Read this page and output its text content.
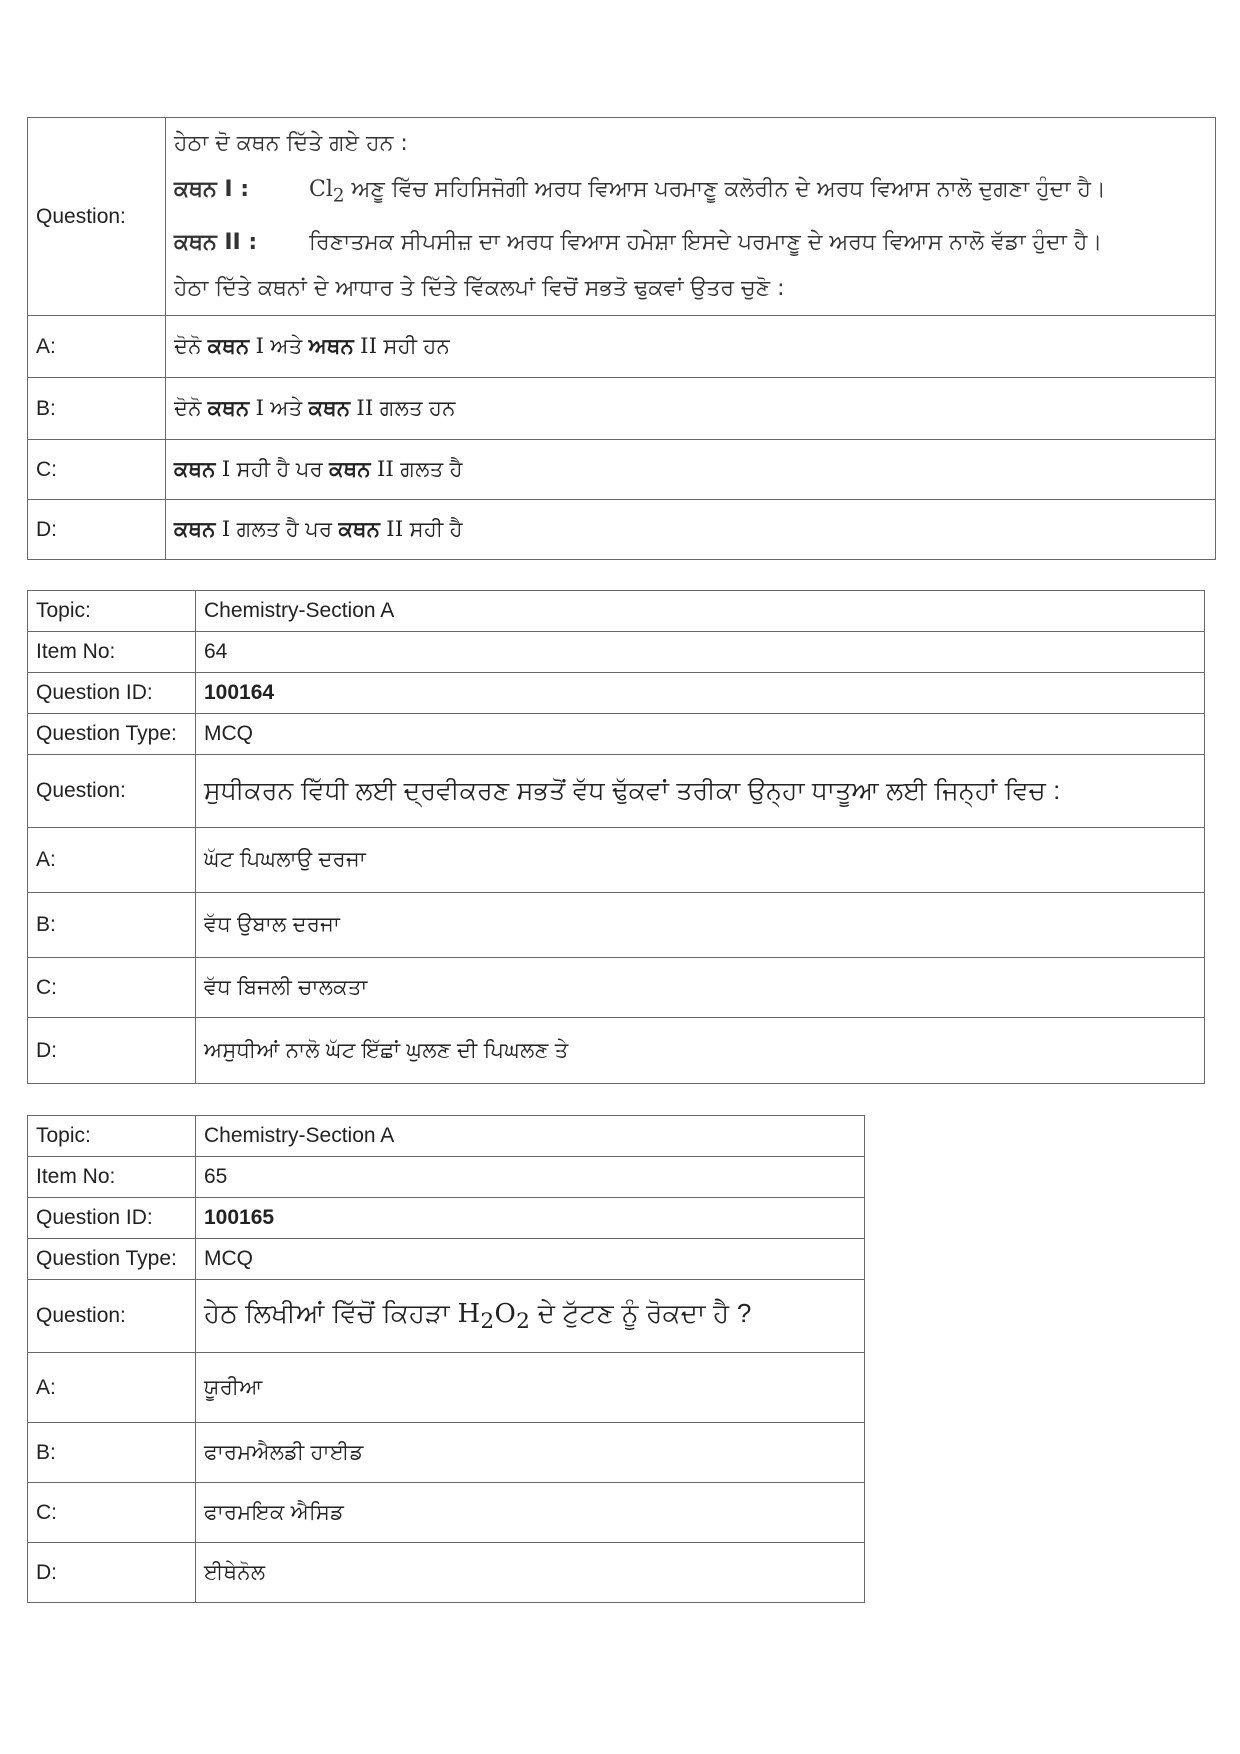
Question:	ਹੇਠਾ ਦੋ ਕਥਨ ਦਿੱਤੇ ਗਏ ਹਨ :
ਕਥਨ I : $Cl_2$ ਅਣੂ ਵਿੱਚ ਸਹਿਸਿਜੋਗੀ ਅਰਧ ਵਿਆਸ ਪਰਮਾਣੂ ਕਲੋਰੀਨ ਦੇ ਅਰਧ ਵਿਆਸ ਨਾਲੋ ਦੁਗਣਾ ਹੁੰਦਾ ਹੈ।
ਕਥਨ II : ਰਿਣਾਤਮਕ ਸੀਪਸੀਜ਼ ਦਾ ਅਰਧ ਵਿਆਸ ਹਮੇਸ਼ਾ ਇਸਦੇ ਪਰਮਾਣੂ ਦੇ ਅਰਧ ਵਿਆਸ ਨਾਲੋ ਵੱਡਾ ਹੁੰਦਾ ਹੈ।
ਹੇਠਾ ਦਿੱਤੇ ਕਥਨਾਂ ਦੇ ਆਧਾਰ ਤੇ ਦਿੱਤੇ ਵਿੱਕਲਪਾਂ ਵਿਚੋਂ ਸਭਤੋ ਢੁਕਵਾਂ ਉਤਰ ਚੁਣੋ :

A:	ਦੋਨੋ ਕਥਨ I ਅਤੇ ਅਥਨ II ਸਹੀ ਹਨ
B:	ਦੋਨੋ ਕਥਨ I ਅਤੇ ਕਥਨ II ਗਲਤ ਹਨ
C:	ਕਥਨ I ਸਹੀ ਹੈ ਪਰ ਕਥਨ II ਗਲਤ ਹੈ
D:	ਕਥਨ I ਗਲਤ ਹੈ ਪਰ ਕਥਨ II ਸਹੀ ਹੈ
Topic:	Chemistry-Section A
Item No:	64
Question ID:	100164
Question Type:	MCQ
Question:	ਸੁਧੀਕਰਨ ਵਿੱਧੀ ਲਈ ਦ੍ਰਵੀਕਰਣ ਸਭਤੋਂ ਵੱਧ ਢੁੱਕਵਾਂ ਤਰੀਕਾ ਉਨ੍ਹਾ ਧਾਤੂਆ ਲਈ ਜਿਨ੍ਹਾਂ ਵਿਚ :
A:	ਘੱਟ ਪਿਘਲਾਉ ਦਰਜਾ
B:	ਵੱਧ ਉਬਾਲ ਦਰਜਾ
C:	ਵੱਧ ਬਿਜਲੀ ਚਾਲਕਤਾ
D:	ਅਸੁਧੀਆਂ ਨਾਲੋ ਘੱਟ ਇੱਛਾਂ ਘੁਲਣ ਦੀ ਪਿਘਲਣ ਤੇ
Topic:	Chemistry-Section A
Item No:	65
Question ID:	100165
Question Type:	MCQ
Question:	ਹੇਠ ਲਿਖੀਆਂ ਵਿੱਚੋਂ ਕਿਹੜਾ $H_2O_2$ ਦੇ ਟੁੱਟਣ ਨੂੰ ਰੋਕਦਾ ਹੈ ?
A:	ਯੂਰੀਆ
B:	ਫਾਰਮਐਲਡੀ ਹਾਈਡ
C:	ਫਾਰਮਇਕ ਐਸਿਡ
D:	ਈਥੇਨੋਲ
